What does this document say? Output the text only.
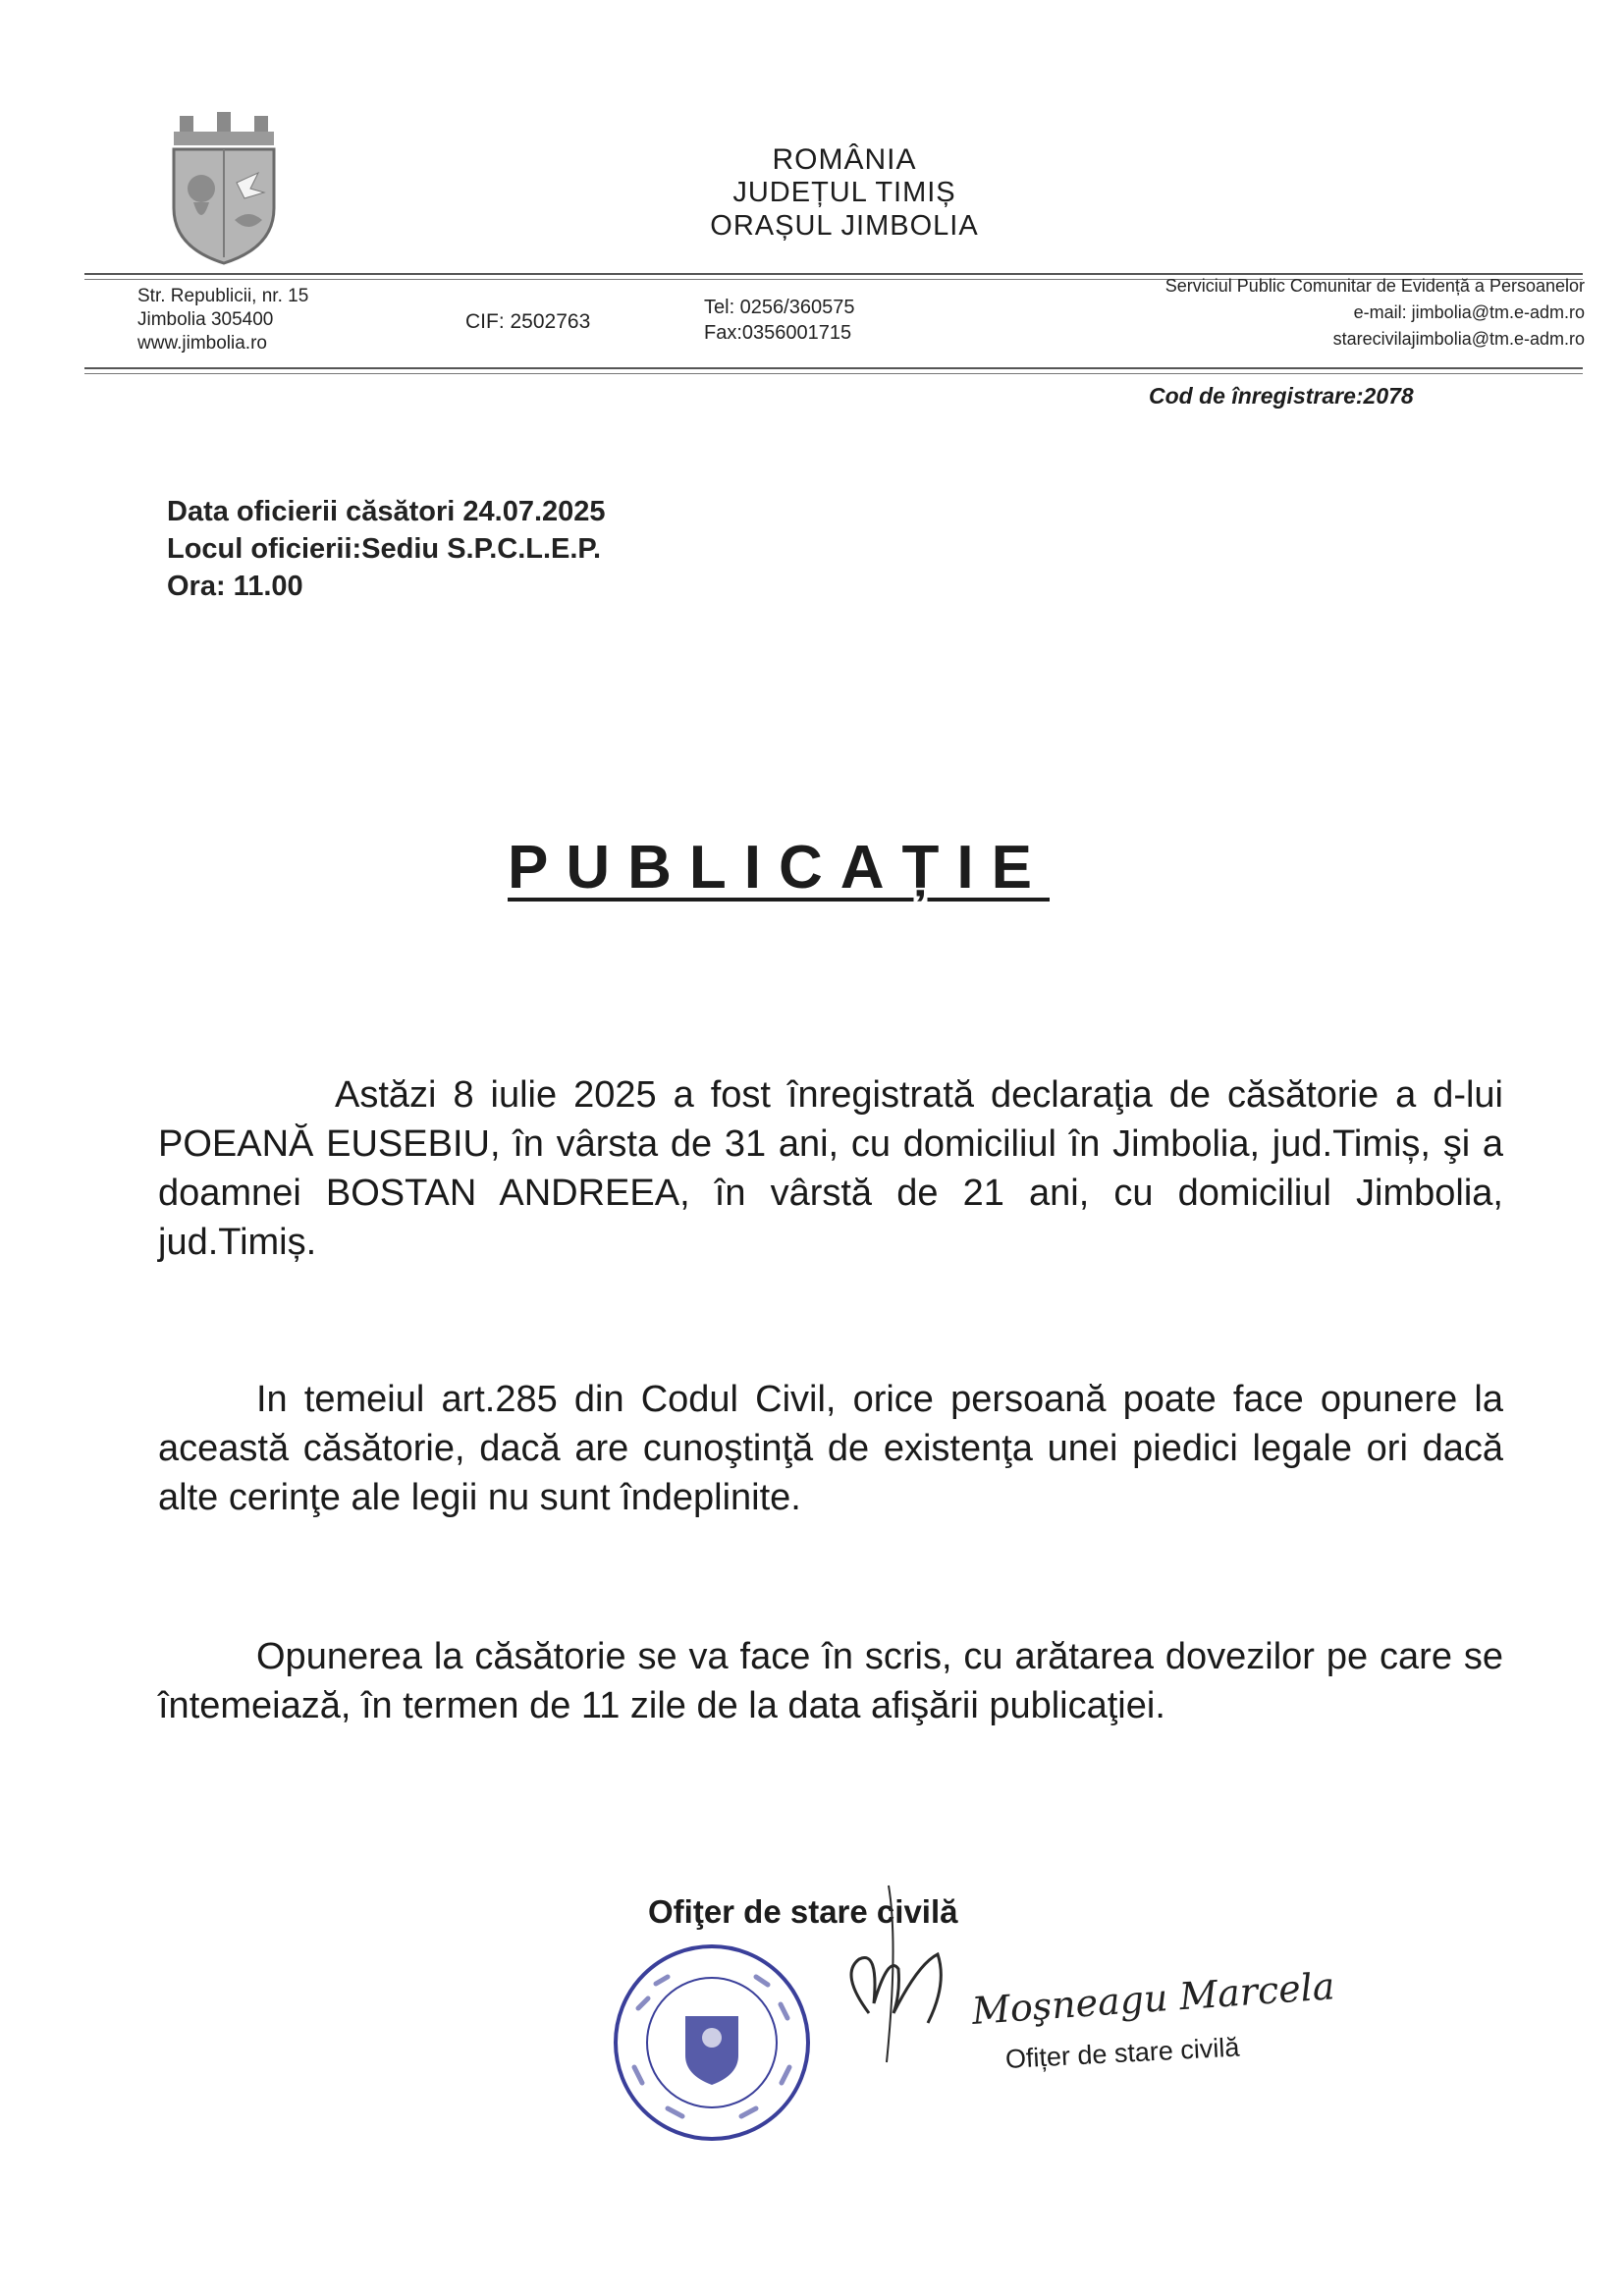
ROMÂNIA
JUDEȚUL TIMIȘ
ORAȘUL JIMBOLIA
Str. Republicii, nr. 15
Jimbolia 305400
www.jimbolia.ro
CIF: 2502763
Tel: 0256/360575
Fax:0356001715
Serviciul Public Comunitar de Evidență a Persoanelor
e-mail: jimbolia@tm.e-adm.ro
starecivilajimbolia@tm.e-adm.ro
Cod de înregistrare:2078
Data oficierii căsători 24.07.2025
Locul oficierii:Sediu S.P.C.L.E.P.
Ora: 11.00
PUBLICAȚIE
Astăzi 8 iulie 2025 a fost înregistrată declaraţia de căsătorie a d-lui POEANĂ EUSEBIU, în vârsta de 31 ani, cu domiciliul în Jimbolia, jud.Timiș, şi a doamnei BOSTAN ANDREEA, în vârstă de 21 ani, cu domiciliul Jimbolia, jud.Timiș.
In temeiul art.285 din Codul Civil, orice persoană poate face opunere la această căsătorie, dacă are cunoştinţă de existenţa unei piedici legale ori dacă alte cerinţe ale legii nu sunt îndeplinite.
Opunerea la căsătorie se va face în scris, cu arătarea dovezilor pe care se întemeiază, în termen de 11 zile de la data afişării publicaţiei.
Ofiţer de stare civilă
Moşneagu Marcela
Ofițer de stare civilă
